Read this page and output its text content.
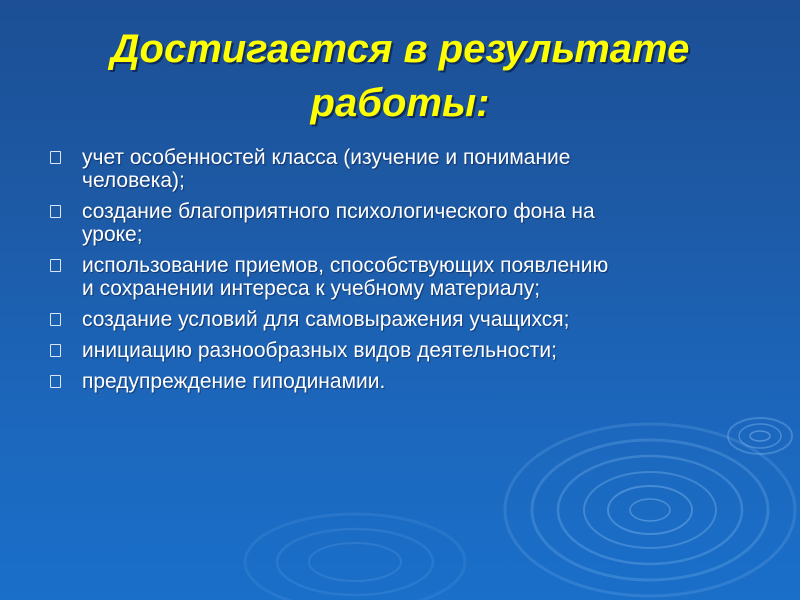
Достигается в результате
работы:
учет особенностей класса (изучение и понимание
человека);
создание благоприятного психологического фона на
уроке;
использование приемов, способствующих появлению
и сохранении интереса к учебному материалу;
создание условий для самовыражения учащихся;
инициацию разнообразных видов деятельности;
предупреждение гиподинамии.
